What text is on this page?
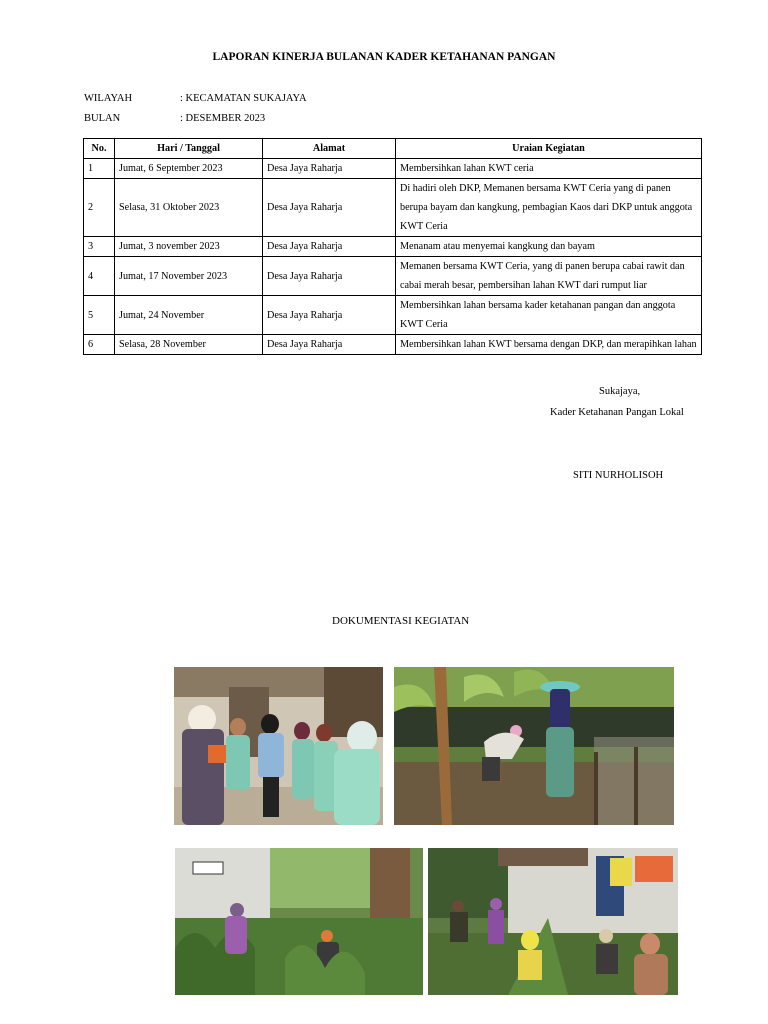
LAPORAN KINERJA BULANAN KADER KETAHANAN PANGAN
WILAYAH	: KECAMATAN SUKAJAYA
BULAN	: DESEMBER 2023
No.	Hari / Tanggal	Alamat	Uraian Kegiatan
1	Jumat, 6 September 2023	Desa Jaya Raharja	Membersihkan lahan KWT ceria
2	Selasa, 31 Oktober 2023	Desa Jaya Raharja	Di hadiri oleh DKP, Memanen bersama KWT Ceria yang di panen berupa bayam dan kangkung, pembagian Kaos dari DKP untuk anggota KWT Ceria
3	Jumat, 3 november 2023	Desa Jaya Raharja	Menanam atau menyemai kangkung dan bayam
4	Jumat, 17 November 2023	Desa Jaya Raharja	Memanen bersama KWT Ceria, yang di panen berupa cabai rawit dan cabai merah besar, pembersihan lahan KWT dari rumput liar
5	Jumat, 24 November	Desa Jaya Raharja	Membersihkan lahan bersama kader ketahanan pangan dan anggota KWT Ceria
6	Selasa, 28 November	Desa Jaya Raharja	Membersihkan lahan KWT bersama dengan DKP, dan merapihkan lahan
Sukajaya,
Kader Ketahanan Pangan Lokal
SITI NURHOLISOH
DOKUMENTASI KEGIATAN
